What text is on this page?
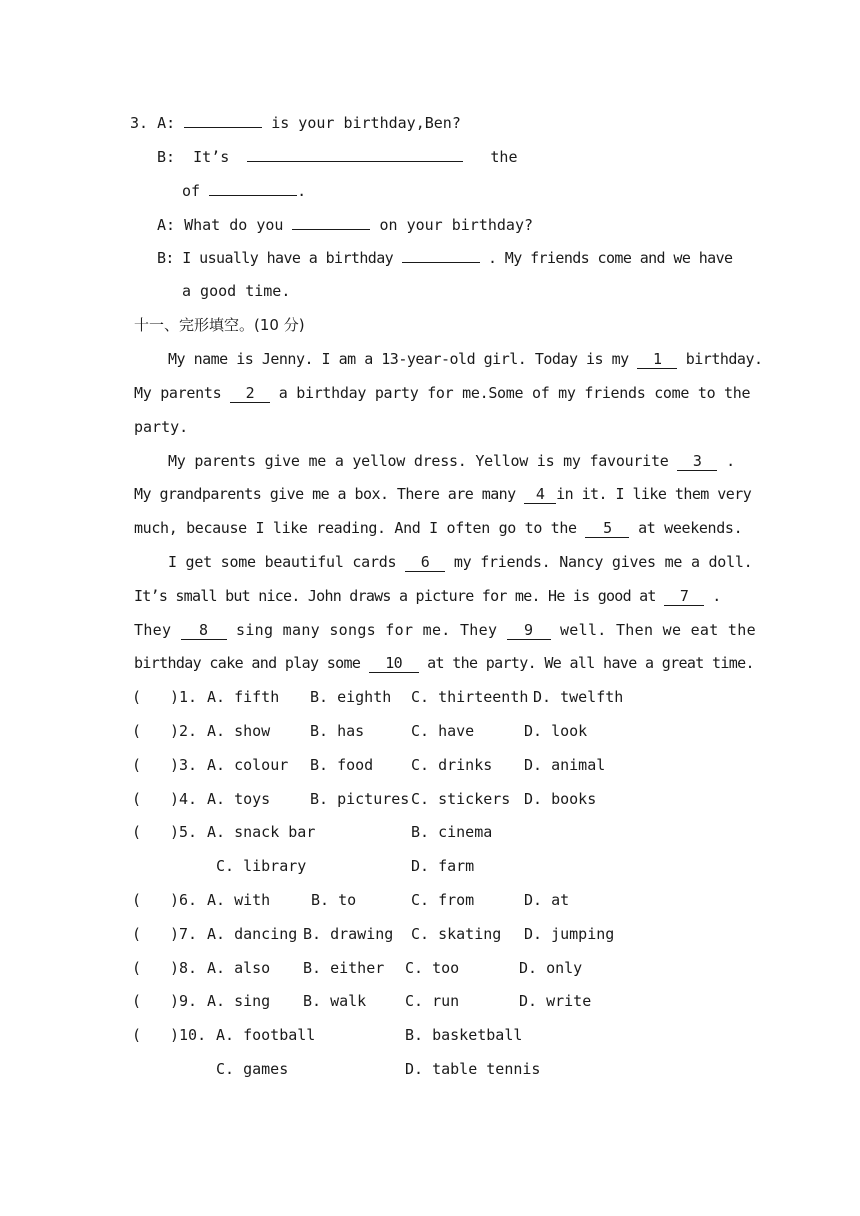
3. A:	is your birthday,Ben?
B: It’s	the
of	.
A: What do you	on your birthday?
B: I usually have a birthday	. My friends come and we have
a good time.
十一、完形填空。(10 分)
My name is Jenny. I am a 13-year-old girl. Today is my 1 birthday.
My parents 2 a birthday party for me.Some of my friends come to the
party.
My parents give me a yellow dress. Yellow is my favourite 3 .
My grandparents give me a box. There are many 4 in it. I like them very
much, because I like reading. And I often go to the 5 at weekends.
I get some beautiful cards 6 my friends. Nancy gives me a doll.
It’s small but nice. John draws a picture for me. He is good at 7 .
They 8 sing many songs for me. They 9 well. Then we eat the
birthday cake and play some 10 at the party. We all have a great time.
( )1. A. fifth B. eighth C. thirteenth D. twelfth
( )2. A. show	B. has	C. have	D. look
( )3. A. colour B. food	C. drinks D. animal
( )4. A. toys	B. pictures C. stickers D. books
( )5. A. snack bar	B. cinema
C. library	D. farm
( )6. A. with	B. to	C. from	D. at
( )7. A. dancing B. drawing C. skating D. jumping
( )8. A. also B. either C. too	D. only
( )9. A. sing B. walk	C. run	D. write
( )10. A. football	B. basketball
C. games	D. table tennis
